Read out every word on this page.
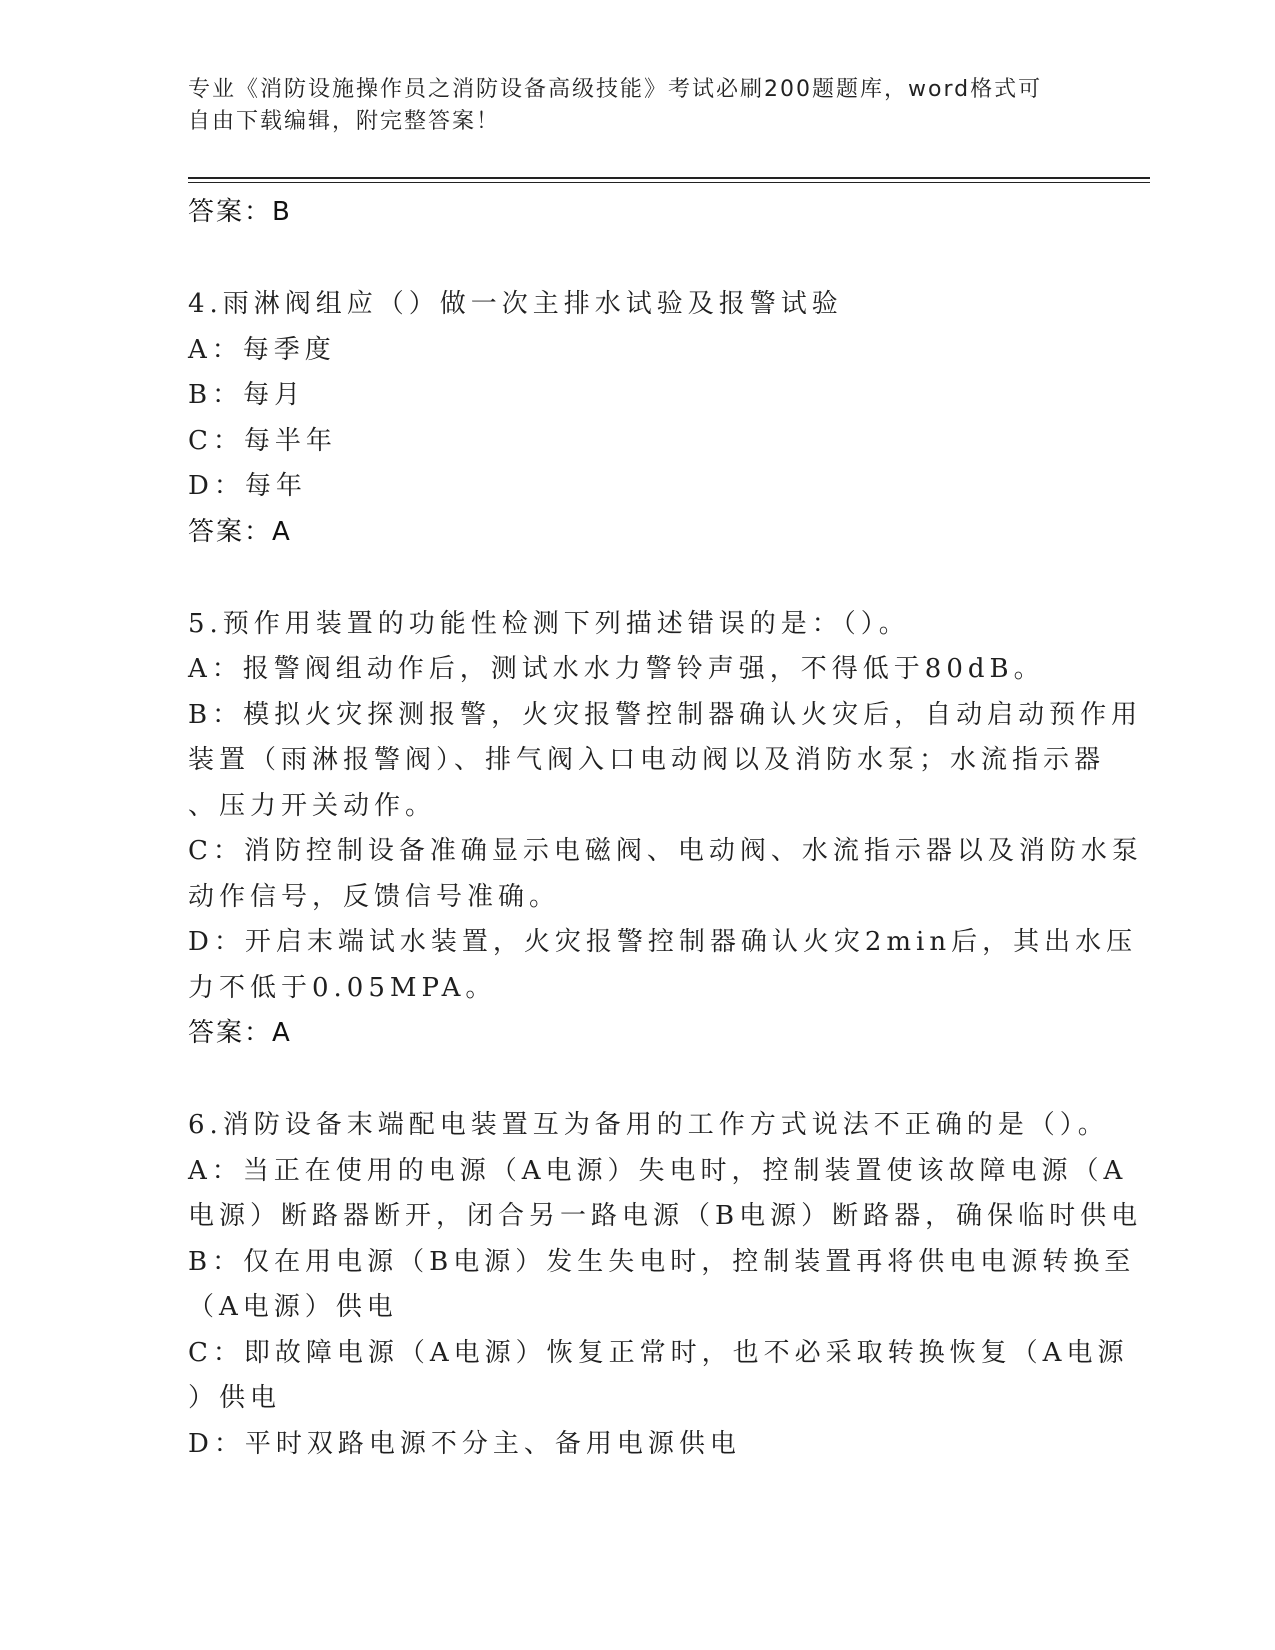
专业《消防设施操作员之消防设备高级技能》考试必刷200题题库，word格式可
自由下载编辑，附完整答案！
答案：B
4.雨淋阀组应（）做一次主排水试验及报警试验
A：每季度
B：每月
C：每半年
D：每年
答案：A
5.预作用装置的功能性检测下列描述错误的是：（）。
A：报警阀组动作后，测试水水力警铃声强，不得低于80dB。
B：模拟火灾探测报警，火灾报警控制器确认火灾后，自动启动预作用
装置（雨淋报警阀）、排气阀入口电动阀以及消防水泵；水流指示器
、压力开关动作。
C：消防控制设备准确显示电磁阀、电动阀、水流指示器以及消防水泵
动作信号，反馈信号准确。
D：开启末端试水装置，火灾报警控制器确认火灾2min后，其出水压
力不低于0.05MPA。
答案：A
6.消防设备末端配电装置互为备用的工作方式说法不正确的是（）。
A：当正在使用的电源（A电源）失电时，控制装置使该故障电源（A
电源）断路器断开，闭合另一路电源（B电源）断路器，确保临时供电
B：仅在用电源（B电源）发生失电时，控制装置再将供电电源转换至
（A电源）供电
C：即故障电源（A电源）恢复正常时，也不必采取转换恢复（A电源
）供电
D：平时双路电源不分主、备用电源供电
